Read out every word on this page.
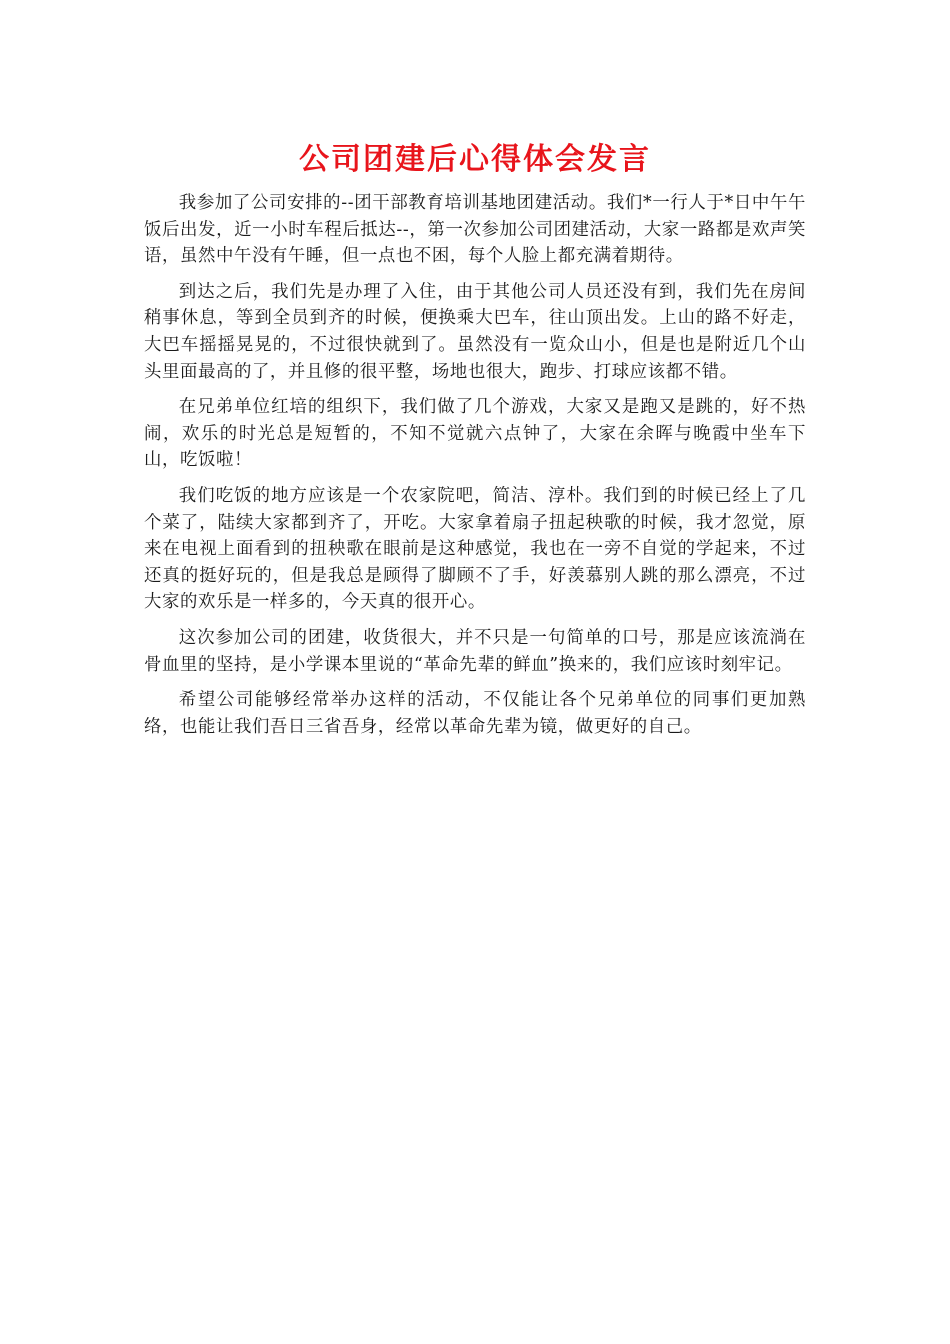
公司团建后心得体会发言

我参加了公司安排的--团干部教育培训基地团建活动。我们*一行人于*日中午午饭后出发，近一小时车程后抵达--，第一次参加公司团建活动，大家一路都是欢声笑语，虽然中午没有午睡，但一点也不困，每个人脸上都充满着期待。

到达之后，我们先是办理了入住，由于其他公司人员还没有到，我们先在房间稍事休息，等到全员到齐的时候，便换乘大巴车，往山顶出发。上山的路不好走，大巴车摇摇晃晃的，不过很快就到了。虽然没有一览众山小，但是也是附近几个山头里面最高的了，并且修的很平整，场地也很大，跑步、打球应该都不错。

在兄弟单位红培的组织下，我们做了几个游戏，大家又是跑又是跳的，好不热闹，欢乐的时光总是短暂的，不知不觉就六点钟了，大家在余晖与晚霞中坐车下山，吃饭啦！

我们吃饭的地方应该是一个农家院吧，简洁、淳朴。我们到的时候已经上了几个菜了，陆续大家都到齐了，开吃。大家拿着扇子扭起秧歌的时候，我才忽觉，原来在电视上面看到的扭秧歌在眼前是这种感觉，我也在一旁不自觉的学起来，不过还真的挺好玩的，但是我总是顾得了脚顾不了手，好羡慕别人跳的那么漂亮，不过大家的欢乐是一样多的，今天真的很开心。

这次参加公司的团建，收货很大，并不只是一句简单的口号，那是应该流淌在骨血里的坚持，是小学课本里说的“革命先辈的鲜血”换来的，我们应该时刻牢记。

希望公司能够经常举办这样的活动，不仅能让各个兄弟单位的同事们更加熟络，也能让我们吾日三省吾身，经常以革命先辈为镜，做更好的自己。
